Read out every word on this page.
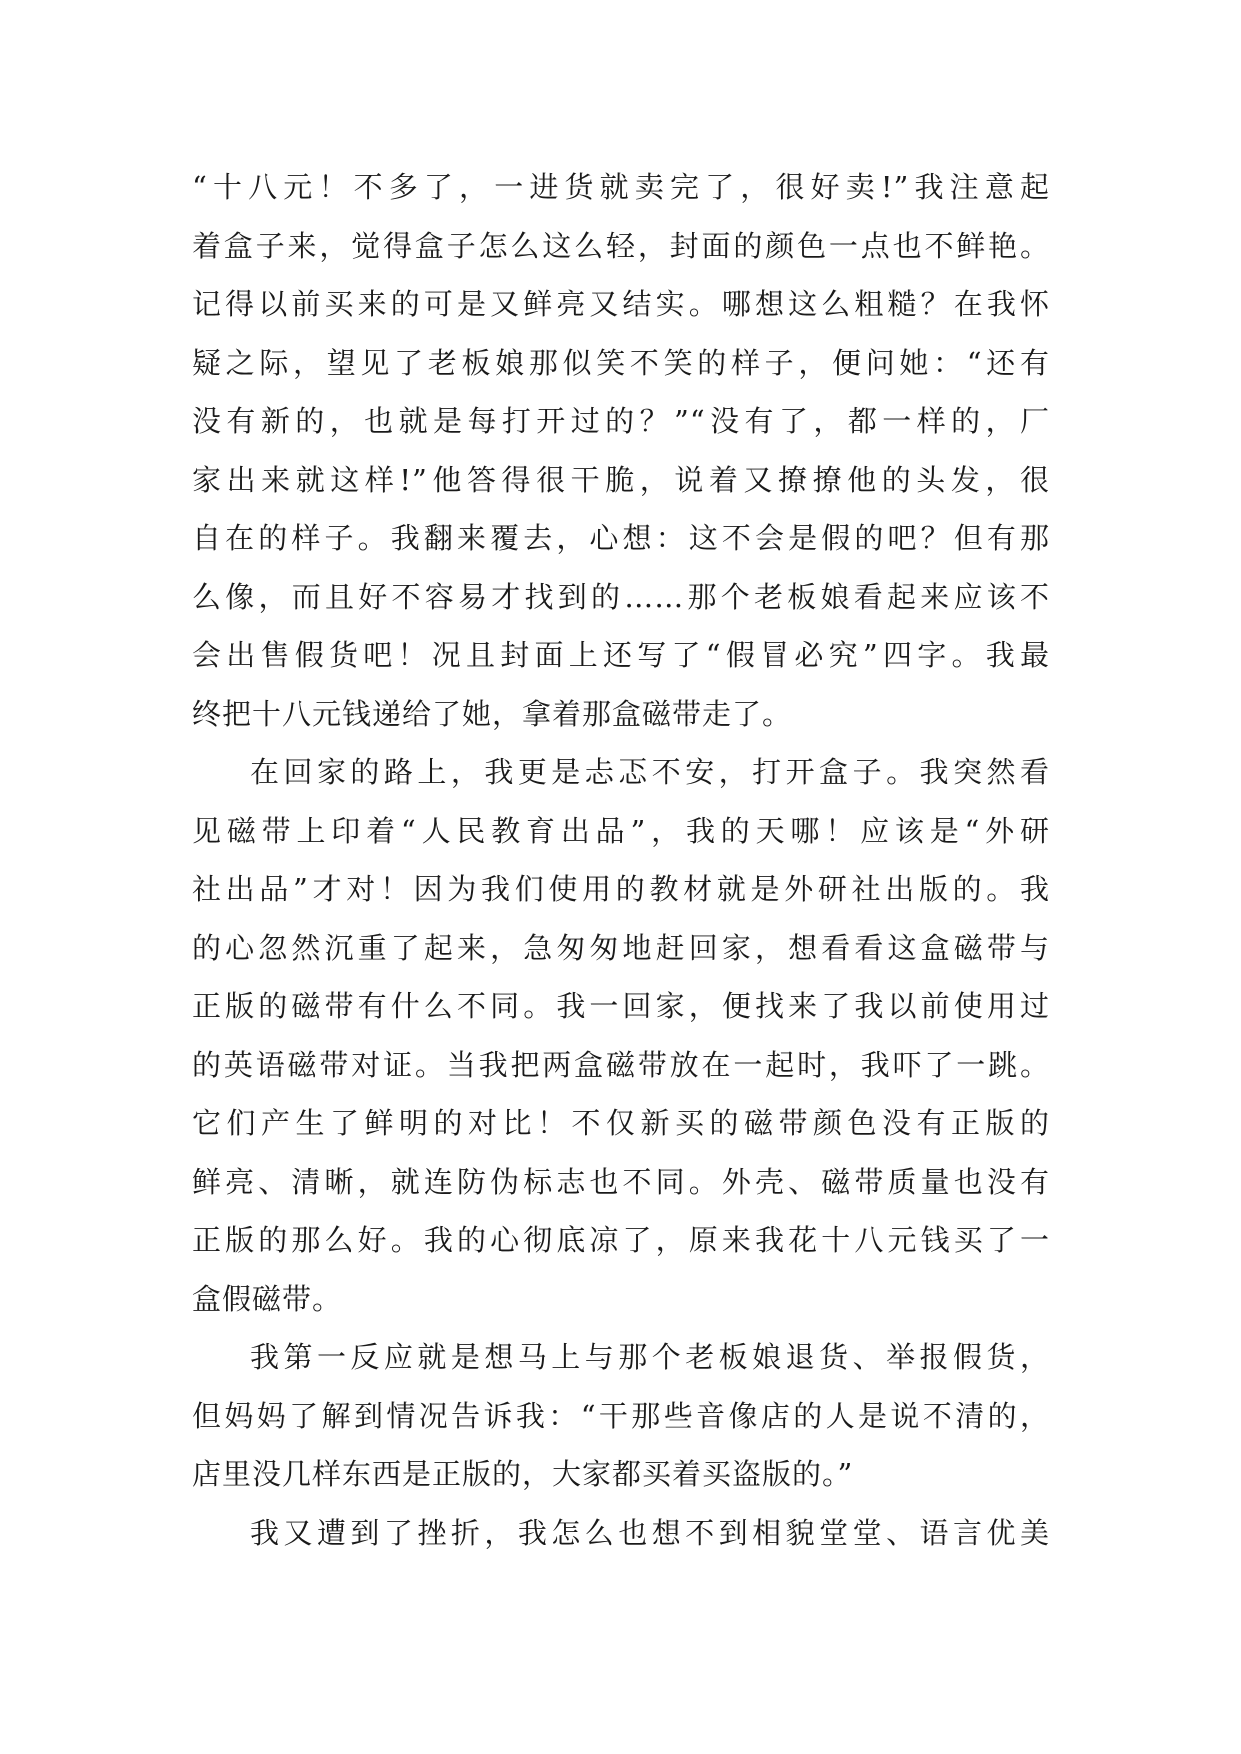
“十八元！不多了，一进货就卖完了，很好卖!”我注意起
着盒子来，觉得盒子怎么这么轻，封面的颜色一点也不鲜艳。
记得以前买来的可是又鲜亮又结实。哪想这么粗糙？在我怀
疑之际，望见了老板娘那似笑不笑的样子，便问她：“还有
没有新的，也就是每打开过的？”“没有了，都一样的，厂
家出来就这样!”他答得很干脆，说着又撩撩他的头发，很
自在的样子。我翻来覆去，心想：这不会是假的吧？但有那
么像，而且好不容易才找到的……那个老板娘看起来应该不
会出售假货吧！况且封面上还写了“假冒必究”四字。我最
终把十八元钱递给了她，拿着那盒磁带走了。
在回家的路上，我更是忐忑不安，打开盒子。我突然看
见磁带上印着“人民教育出品”，我的天哪！应该是“外研
社出品”才对！因为我们使用的教材就是外研社出版的。我
的心忽然沉重了起来，急匆匆地赶回家，想看看这盒磁带与
正版的磁带有什么不同。我一回家，便找来了我以前使用过
的英语磁带对证。当我把两盒磁带放在一起时，我吓了一跳。
它们产生了鲜明的对比！不仅新买的磁带颜色没有正版的
鲜亮、清晰，就连防伪标志也不同。外壳、磁带质量也没有
正版的那么好。我的心彻底凉了，原来我花十八元钱买了一
盒假磁带。
我第一反应就是想马上与那个老板娘退货、举报假货，
但妈妈了解到情况告诉我：“干那些音像店的人是说不清的，
店里没几样东西是正版的，大家都买着买盗版的。”
我又遭到了挫折，我怎么也想不到相貌堂堂、语言优美
